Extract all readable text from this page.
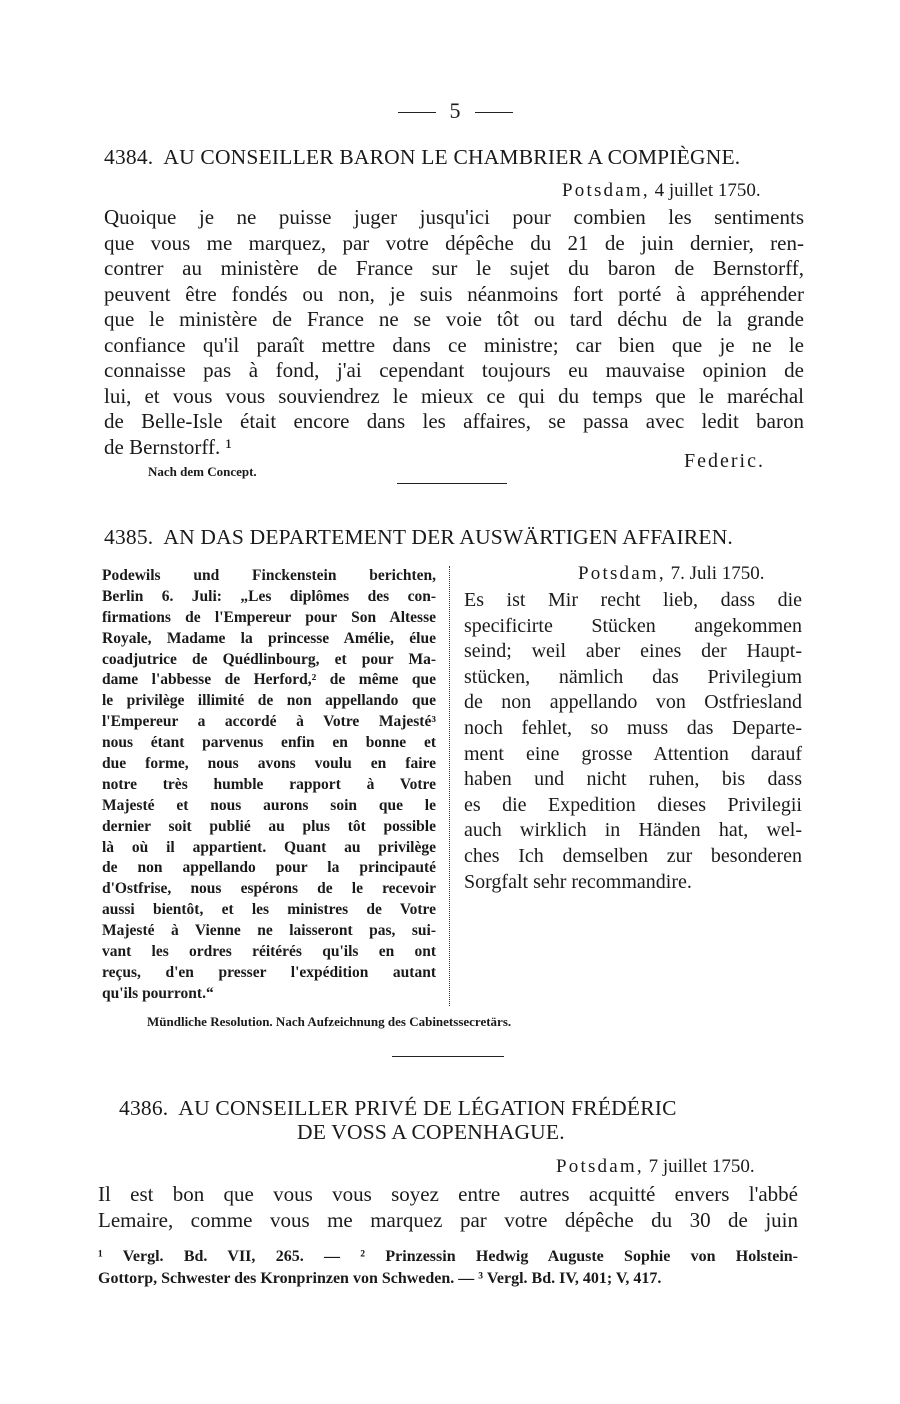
5
4384. AU CONSEILLER BARON LE CHAMBRIER A COMPIÈGNE.
Potsdam, 4 juillet 1750.
Quoique je ne puisse juger jusqu'ici pour combien les sentiments
que vous me marquez, par votre dépêche du 21 de juin dernier, ren-
contrer au ministère de France sur le sujet du baron de Bernstorff,
peuvent être fondés ou non, je suis néanmoins fort porté à appréhender
que le ministère de France ne se voie tôt ou tard déchu de la grande
confiance qu'il paraît mettre dans ce ministre; car bien que je ne le
connaisse pas à fond, j'ai cependant toujours eu mauvaise opinion de
lui, et vous vous souviendrez le mieux ce qui du temps que le maréchal
de Belle-Isle était encore dans les affaires, se passa avec ledit baron
de Bernstorff. ¹
Nach dem Concept.	Federic.
4385. AN DAS DEPARTEMENT DER AUSWÄRTIGEN AFFAIREN.
Podewils und Finckenstein berichten,
Berlin 6. Juli: „Les diplômes des con-
firmations de l'Empereur pour Son Altesse
Royale, Madame la princesse Amélie, élue
coadjutrice de Quédlinbourg, et pour Ma-
dame l'abbesse de Herford,² de même que
le privilège illimité de non appellando que
l'Empereur a accordé à Votre Majesté³
nous étant parvenus enfin en bonne et
due forme, nous avons voulu en faire
notre très humble rapport à Votre
Majesté et nous aurons soin que le
dernier soit publié au plus tôt possible
là où il appartient. Quant au privilège
de non appellando pour la principauté
d'Ostfrise, nous espérons de le recevoir
aussi bientôt, et les ministres de Votre
Majesté à Vienne ne laisseront pas, sui-
vant les ordres réitérés qu'ils en ont
reçus, d'en presser l'expédition autant
qu'ils pourront.“
Potsdam, 7. Juli 1750.
Es ist Mir recht lieb, dass die
specificirte Stücken angekommen
seind; weil aber eines der Haupt-
stücken, nämlich das Privilegium
de non appellando von Ostfriesland
noch fehlet, so muss das Departe-
ment eine grosse Attention darauf
haben und nicht ruhen, bis dass
es die Expedition dieses Privilegii
auch wirklich in Händen hat, wel-
ches Ich demselben zur besonderen
Sorgfalt sehr recommandire.
Mündliche Resolution. Nach Aufzeichnung des Cabinetssecretärs.
4386. AU CONSEILLER PRIVÉ DE LÉGATION FRÉDÉRIC
DE VOSS A COPENHAGUE.
Potsdam, 7 juillet 1750.
Il est bon que vous vous soyez entre autres acquitté envers l'abbé
Lemaire, comme vous me marquez par votre dépêche du 30 de juin
¹ Vergl. Bd. VII, 265. — ² Prinzessin Hedwig Auguste Sophie von Holstein-
Gottorp, Schwester des Kronprinzen von Schweden. — ³ Vergl. Bd. IV, 401; V, 417.
